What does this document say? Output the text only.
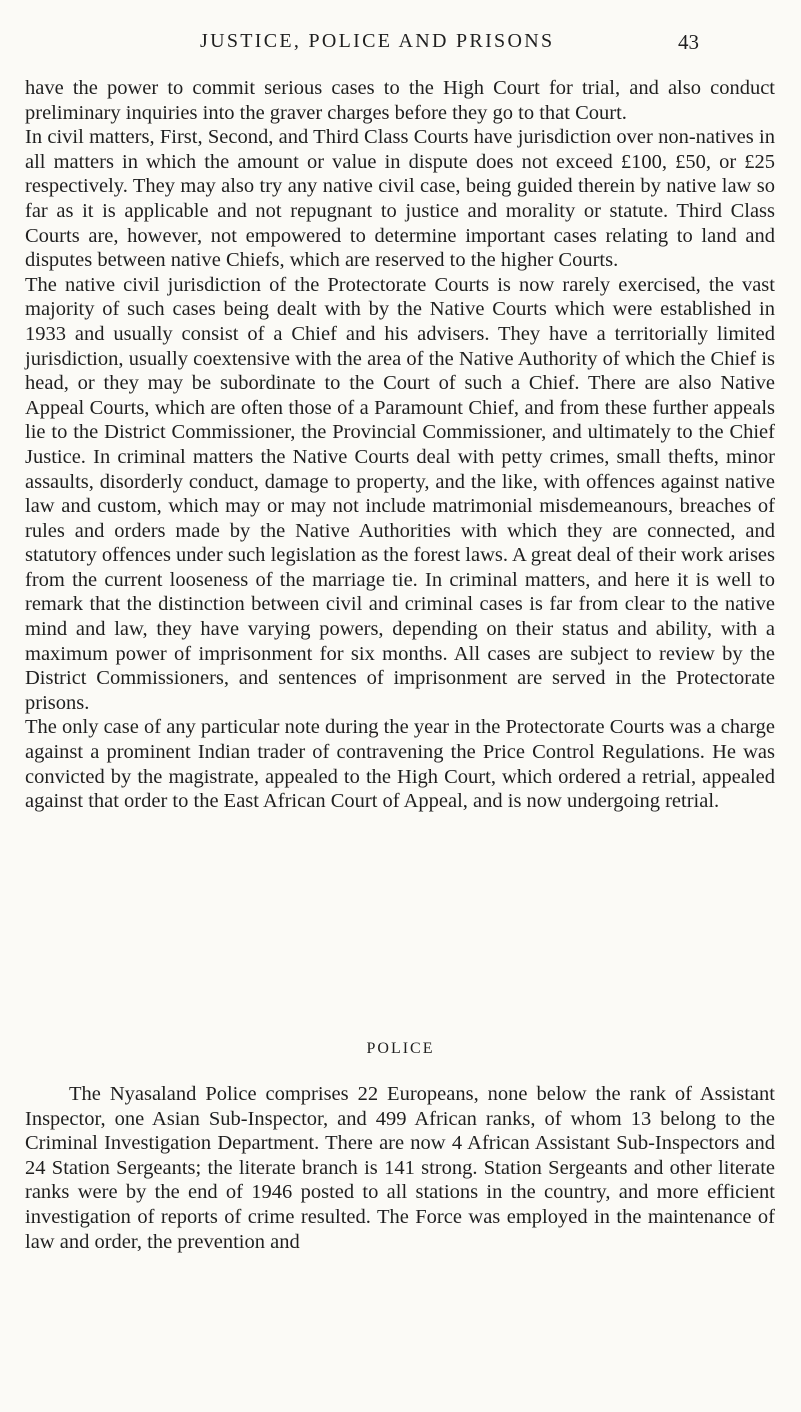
JUSTICE, POLICE AND PRISONS	43

have the power to commit serious cases to the High Court for trial, and also conduct preliminary inquiries into the graver charges before they go to that Court.

In civil matters, First, Second, and Third Class Courts have jurisdiction over non-natives in all matters in which the amount or value in dispute does not exceed £100, £50, or £25 respectively. They may also try any native civil case, being guided therein by native law so far as it is applicable and not repugnant to justice and morality or statute. Third Class Courts are, however, not empowered to determine important cases relating to land and disputes between native Chiefs, which are reserved to the higher Courts.

The native civil jurisdiction of the Protectorate Courts is now rarely exercised, the vast majority of such cases being dealt with by the Native Courts which were established in 1933 and usually consist of a Chief and his advisers. They have a territorially limited jurisdiction, usually coextensive with the area of the Native Authority of which the Chief is head, or they may be subordinate to the Court of such a Chief. There are also Native Appeal Courts, which are often those of a Paramount Chief, and from these further appeals lie to the District Commissioner, the Provincial Commissioner, and ultimately to the Chief Justice. In criminal matters the Native Courts deal with petty crimes, small thefts, minor assaults, disorderly conduct, damage to property, and the like, with offences against native law and custom, which may or may not include matrimonial misdemeanours, breaches of rules and orders made by the Native Authorities with which they are connected, and statutory offences under such legislation as the forest laws. A great deal of their work arises from the current looseness of the marriage tie. In criminal matters, and here it is well to remark that the distinction between civil and criminal cases is far from clear to the native mind and law, they have varying powers, depending on their status and ability, with a maximum power of imprisonment for six months. All cases are subject to review by the District Commissioners, and sentences of imprisonment are served in the Protectorate prisons.

The only case of any particular note during the year in the Protectorate Courts was a charge against a prominent Indian trader of contravening the Price Control Regulations. He was convicted by the magistrate, appealed to the High Court, which ordered a retrial, appealed against that order to the East African Court of Appeal, and is now undergoing retrial.

POLICE

The Nyasaland Police comprises 22 Europeans, none below the rank of Assistant Inspector, one Asian Sub-Inspector, and 499 African ranks, of whom 13 belong to the Criminal Investigation Department. There are now 4 African Assistant Sub-Inspectors and 24 Station Sergeants; the literate branch is 141 strong. Station Sergeants and other literate ranks were by the end of 1946 posted to all stations in the country, and more efficient investigation of reports of crime resulted. The Force was employed in the maintenance of law and order, the prevention and
